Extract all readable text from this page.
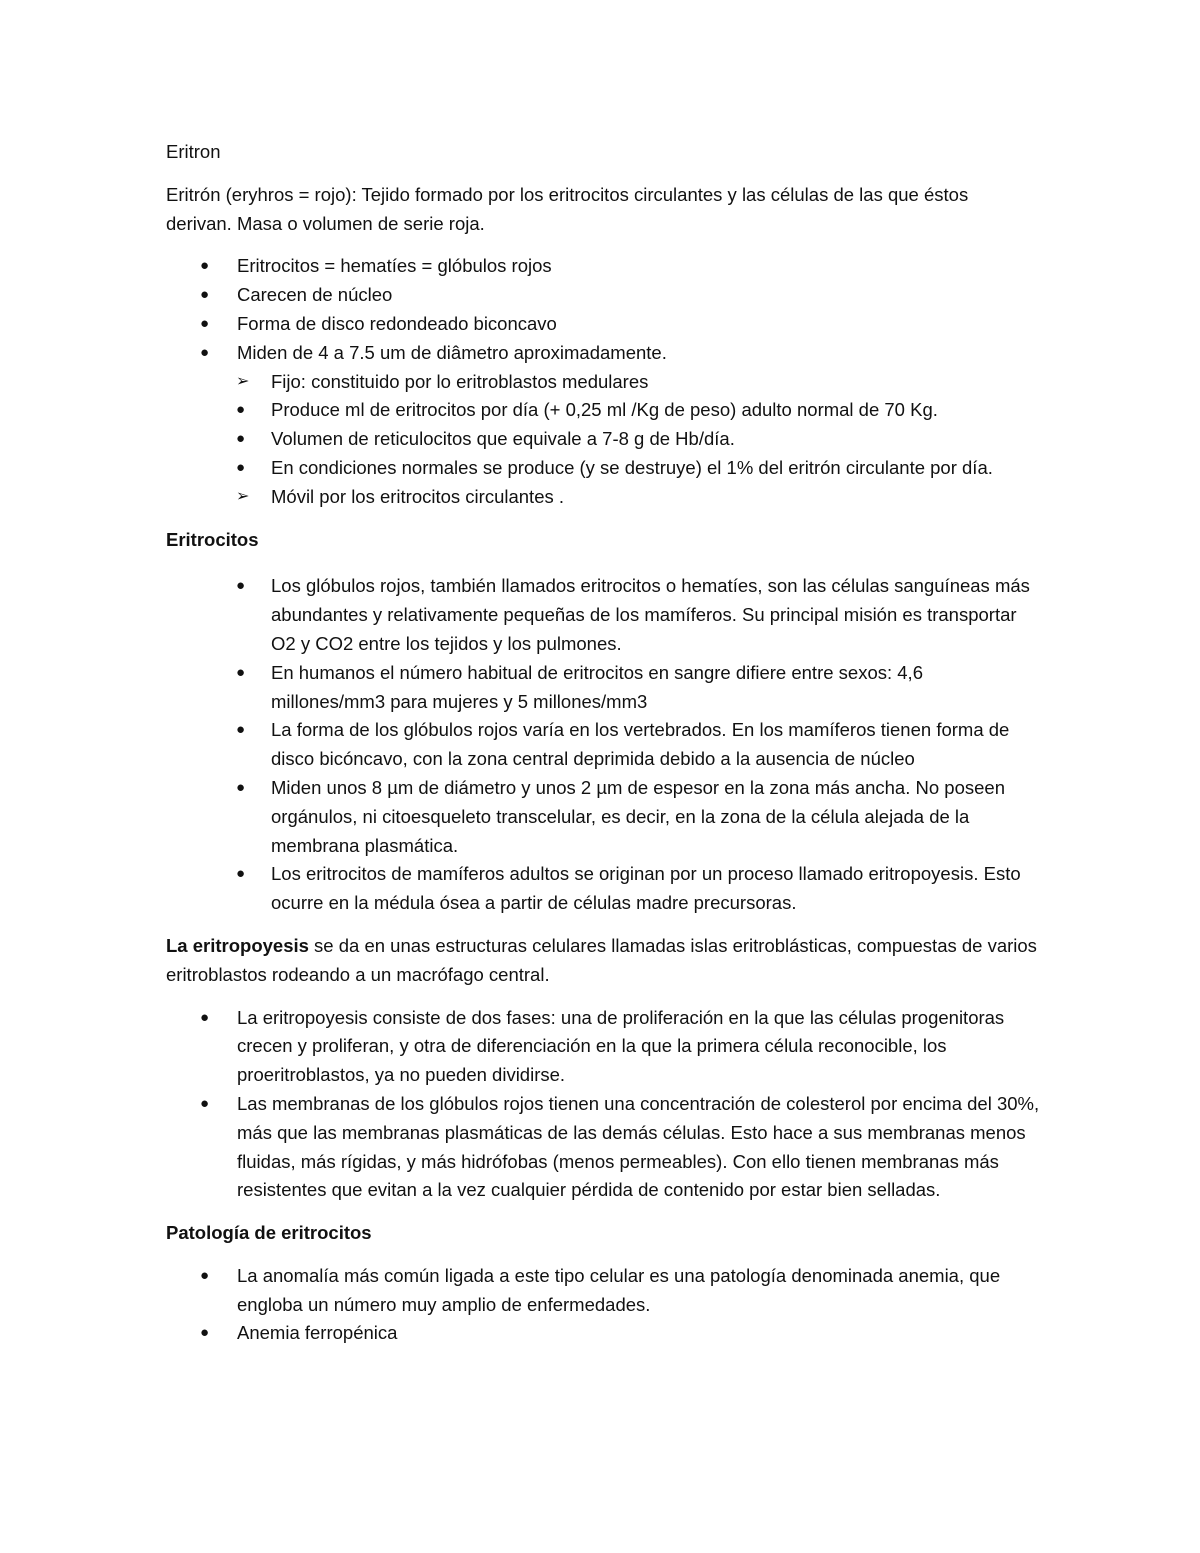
Eritron

Eritrón (eryhros = rojo): Tejido formado por los eritrocitos circulantes y las células de las que éstos derivan. Masa o volumen de serie roja.

● Eritrocitos = hematíes = glóbulos rojos
● Carecen de núcleo
● Forma de disco redondeado biconcavo
● Miden de 4 a 7.5 um de diâmetro aproximadamente.
➢ Fijo: constituido por lo eritroblastos medulares
● Produce ml de eritrocitos por día (+ 0,25 ml /Kg de peso) adulto normal de 70 Kg.
● Volumen de reticulocitos que equivale a 7-8 g de Hb/día.
● En condiciones normales se produce (y se destruye) el 1% del eritrón circulante por día.
➢ Móvil por los eritrocitos circulantes .

Eritrocitos

● Los glóbulos rojos, también llamados eritrocitos o hematíes, son las células sanguíneas más abundantes y relativamente pequeñas de los mamíferos. Su principal misión es transportar O2 y CO2 entre los tejidos y los pulmones.
● En humanos el número habitual de eritrocitos en sangre difiere entre sexos: 4,6 millones/mm3 para mujeres y 5 millones/mm3
● La forma de los glóbulos rojos varía en los vertebrados. En los mamíferos tienen forma de disco bicóncavo, con la zona central deprimida debido a la ausencia de núcleo
● Miden unos 8 µm de diámetro y unos 2 µm de espesor en la zona más ancha. No poseen orgánulos, ni citoesqueleto transcelular, es decir, en la zona de la célula alejada de la membrana plasmática.
● Los eritrocitos de mamíferos adultos se originan por un proceso llamado eritropoyesis. Esto ocurre en la médula ósea a partir de células madre precursoras.

La eritropoyesis se da en unas estructuras celulares llamadas islas eritroblásticas, compuestas de varios eritroblastos rodeando a un macrófago central.

● La eritropoyesis consiste de dos fases: una de proliferación en la que las células progenitoras crecen y proliferan, y otra de diferenciación en la que la primera célula reconocible, los proeritroblastos, ya no pueden dividirse.
● Las membranas de los glóbulos rojos tienen una concentración de colesterol por encima del 30%, más que las membranas plasmáticas de las demás células. Esto hace a sus membranas menos fluidas, más rígidas, y más hidrófobas (menos permeables). Con ello tienen membranas más resistentes que evitan a la vez cualquier pérdida de contenido por estar bien selladas.

Patología de eritrocitos

● La anomalía más común ligada a este tipo celular es una patología denominada anemia, que engloba un número muy amplio de enfermedades.
● Anemia ferropénica
